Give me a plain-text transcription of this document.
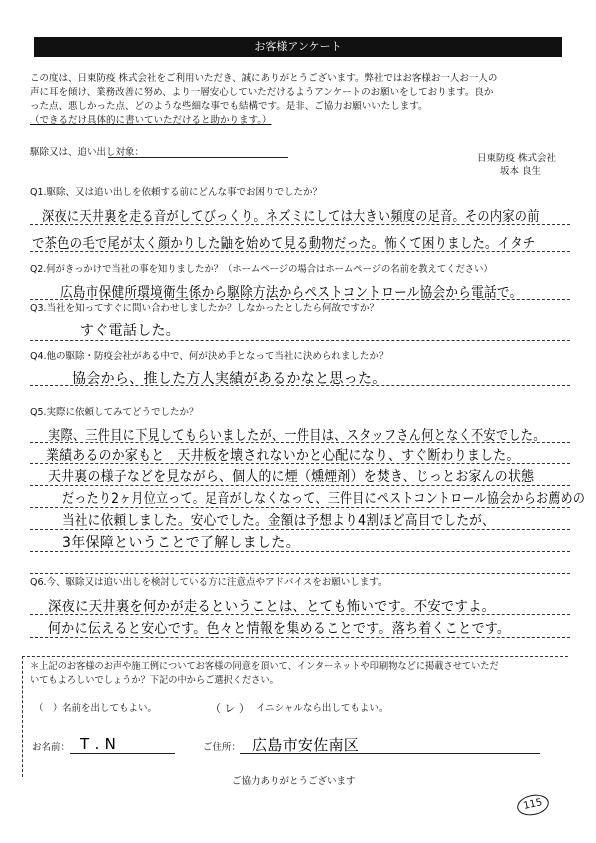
お客様アンケート
この度は、日東防疫 株式会社をご利用いただき、誠にありがとうございます。弊社ではお客様お一人お一人の
声に耳を傾け、業務改善に努め、より一層安心していただけるようアンケートのお願いをしております。良か
った点、悪しかった点、どのような些細な事でも結構です。是非、ご協力お願いいたします。
（できるだけ具体的に書いていただけると助かります。）
駆除又は、追い出し対象：
日東防疫 株式会社
坂本 良生
Q1.駆除、又は追い出しを依頼する前にどんな事でお困りでしたか？
深夜に天井裏を走る音がしてびっくり。ネズミにしては大きい頻度の足音。その内家の前
で茶色の毛で尾が太く顔かりした鼬を始めて見る動物だった。怖くて困りました。イタチ
Q2.何がきっかけで当社の事を知りましたか？（ホームページの場合はホームページの名前を教えてください）
広島市保健所環境衛生係から駆除方法からペストコントロール協会から電話で。
Q3.当社を知ってすぐに問い合わせしましたか？しなかったとしたら何故ですか？
すぐ電話した。
Q4.他の駆除・防疫会社がある中で、何が決め手となって当社に決められましたか？
協会から、推した方人実績があるかなと思った。
Q5.実際に依頼してみてどうでしたか？
実際、三件目に下見してもらいましたが、一件目は、スタッフさん何となく不安でした。
業績あるのか家もと　天井板を壊されないかと心配になり、すぐ断わりました。
天井裏の様子などを見ながら、個人的に煙（燻煙剤）を焚き、じっとお家んの状態
だったり2ヶ月位立って。足音がしなくなって、三件目にペストコントロール協会からお薦めの
当社に依頼しました。安心でした。金額は予想より4割ほど高目でしたが、
3年保障ということで了解しました。
Q6.今、駆除又は追い出しを検討している方に注意点やアドバイスをお願いします。
深夜に天井裏を何かが走るということは、とても怖いです。不安ですよ。
何かに伝えると安心です。色々と情報を集めることです。落ち着くことです。
＊上記のお客様のお声や施工例についてお客様の同意を頂いて、インターネットや印刷物などに掲載させていただ
いてもよろしいでしょうか？下記の中からご選択ください。
（　） 名前を出してもよい。	（ レ ） イニシャルなら出してもよい。
お名前： T . N	ご住所： 広島市安佐南区
ご協力ありがとうございます
115
